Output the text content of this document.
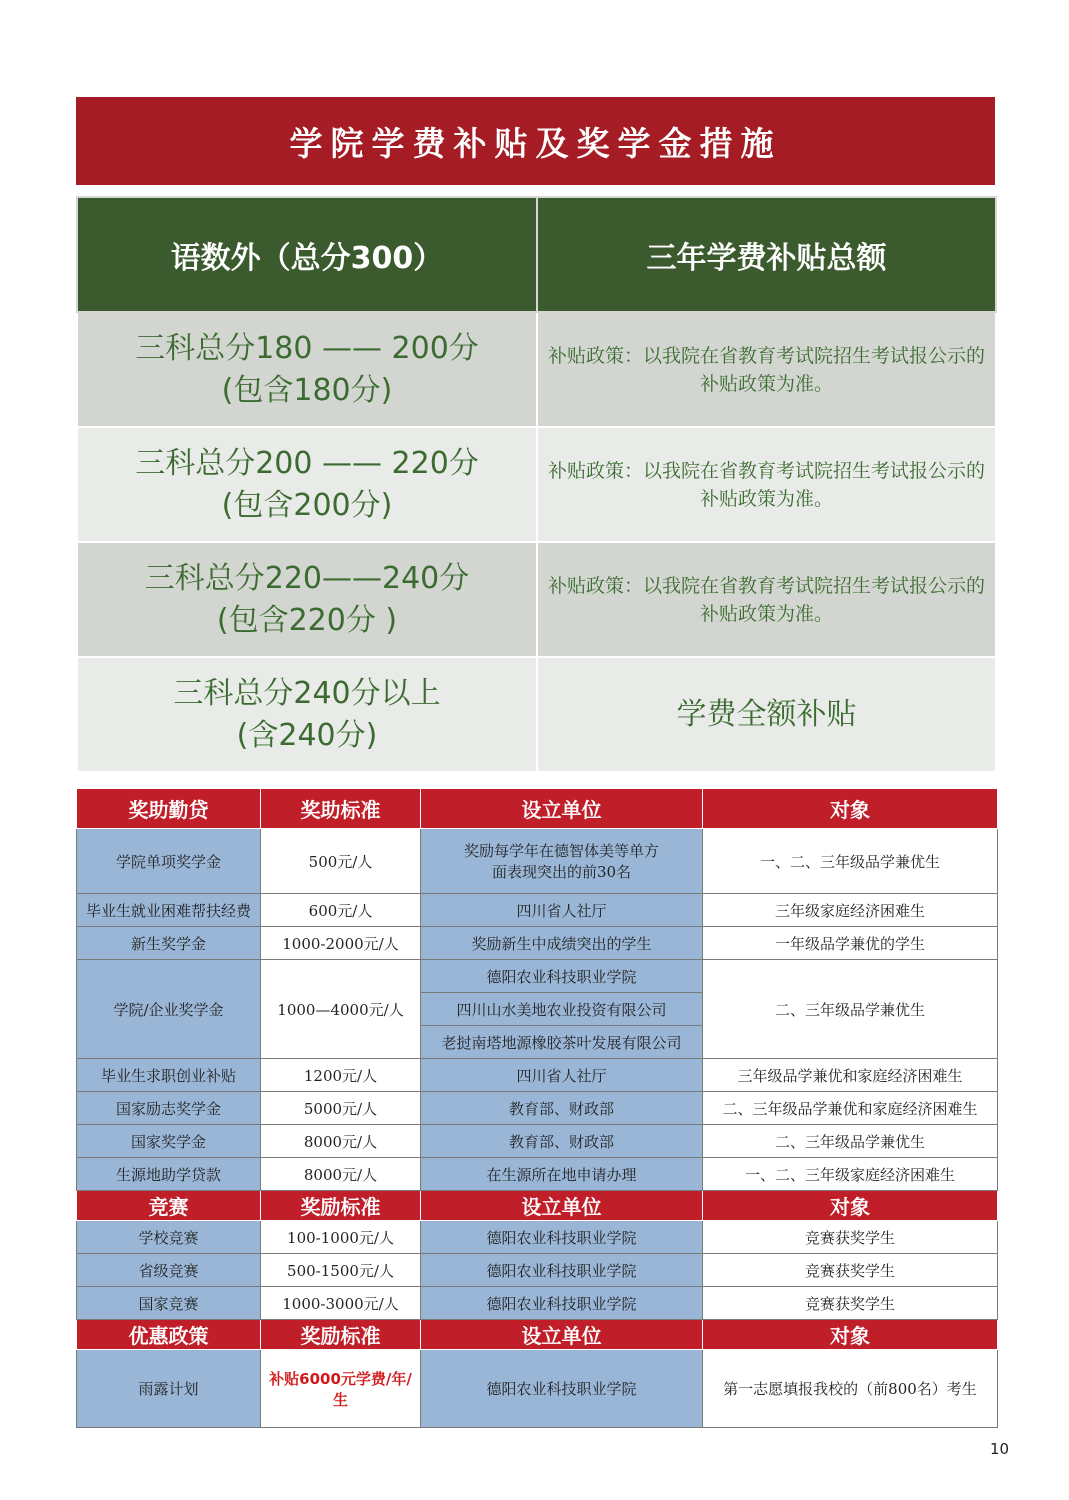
学院学费补贴及奖学金措施
语数外（总分300）	三年学费补贴总额

三科总分180 —— 200分
(包含180分)	补贴政策：以我院在省教育考试院招生考试报公示的补贴政策为准。

三科总分200 —— 220分
(包含200分)	补贴政策：以我院在省教育考试院招生考试报公示的补贴政策为准。

三科总分220——240分
(包含220分 )	补贴政策：以我院在省教育考试院招生考试报公示的补贴政策为准。

三科总分240分以上
(含240分)	学费全额补贴
奖助勤贷	奖助标准	设立单位	对象
学院单项奖学金	500元/人	奖励每学年在德智体美等单方面表现突出的前30名	一、二、三年级品学兼优生
毕业生就业困难帮扶经费	600元/人	四川省人社厅	三年级家庭经济困难生
新生奖学金	1000-2000元/人	奖励新生中成绩突出的学生	一年级品学兼优的学生
学院/企业奖学金	1000—4000元/人	德阳农业科技职业学院	二、三年级品学兼优生
		四川山水美地农业投资有限公司	
		老挝南塔地源橡胶茶叶发展有限公司	
毕业生求职创业补贴	1200元/人	四川省人社厅	三年级品学兼优和家庭经济困难生
国家励志奖学金	5000元/人	教育部、财政部	二、三年级品学兼优和家庭经济困难生
国家奖学金	8000元/人	教育部、财政部	二、三年级品学兼优生
生源地助学贷款	8000元/人	在生源所在地申请办理	一、二、三年级家庭经济困难生
竞赛	奖励标准	设立单位	对象
学校竞赛	100-1000元/人	德阳农业科技职业学院	竞赛获奖学生
省级竞赛	500-1500元/人	德阳农业科技职业学院	竞赛获奖学生
国家竞赛	1000-3000元/人	德阳农业科技职业学院	竞赛获奖学生
优惠政策	奖励标准	设立单位	对象
雨露计划	补贴6000元学费/年/生	德阳农业科技职业学院	第一志愿填报我校的（前800名）考生
10
